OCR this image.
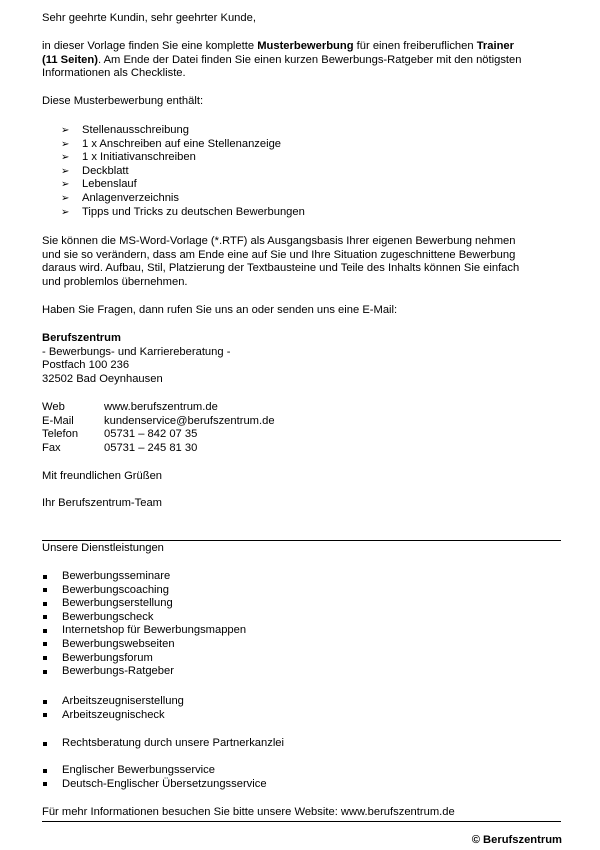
Sehr geehrte Kundin, sehr geehrter Kunde,

in dieser Vorlage finden Sie eine komplette Musterbewerbung für einen freiberuflichen Trainer

(11 Seiten). Am Ende der Datei finden Sie einen kurzen Bewerbungs-Ratgeber mit den nötigsten

Informationen als Checkliste.

Diese Musterbewerbung enthält:

➢ Stellenausschreibung
➢ 1 x Anschreiben auf eine Stellenanzeige
➢ 1 x Initiativanschreiben
➢ Deckblatt
➢ Lebenslauf
➢ Anlagenverzeichnis
➢ Tipps und Tricks zu deutschen Bewerbungen

Sie können die MS-Word-Vorlage (*.RTF) als Ausgangsbasis Ihrer eigenen Bewerbung nehmen

und sie so verändern, dass am Ende eine auf Sie und Ihre Situation zugeschnittene Bewerbung

daraus wird. Aufbau, Stil, Platzierung der Textbausteine und Teile des Inhalts können Sie einfach

und problemlos übernehmen.

Haben Sie Fragen, dann rufen Sie uns an oder senden uns eine E-Mail:

Berufszentrum

- Bewerbungs- und Karriereberatung -

Postfach 100 236

32502 Bad Oeynhausen

Web	www.berufszentrum.de
E-Mail	kundenservice@berufszentrum.de
Telefon 05731 – 842 07 35
Fax	05731 – 245 81 30

Mit freundlichen Grüßen

Ihr Berufszentrum-Team

Unsere Dienstleistungen

Bewerbungsseminare
Bewerbungscoaching
Bewerbungserstellung
Bewerbungscheck
Internetshop für Bewerbungsmappen
Bewerbungswebseiten
Bewerbungsforum
Bewerbungs-Ratgeber
Arbeitszeugniserstellung
Arbeitszeugnischeck
Rechtsberatung durch unsere Partnerkanzlei
Englischer Bewerbungsservice
Deutsch-Englischer Übersetzungsservice

Für mehr Informationen besuchen Sie bitte unsere Website: www.berufszentrum.de

© Berufszentrum
